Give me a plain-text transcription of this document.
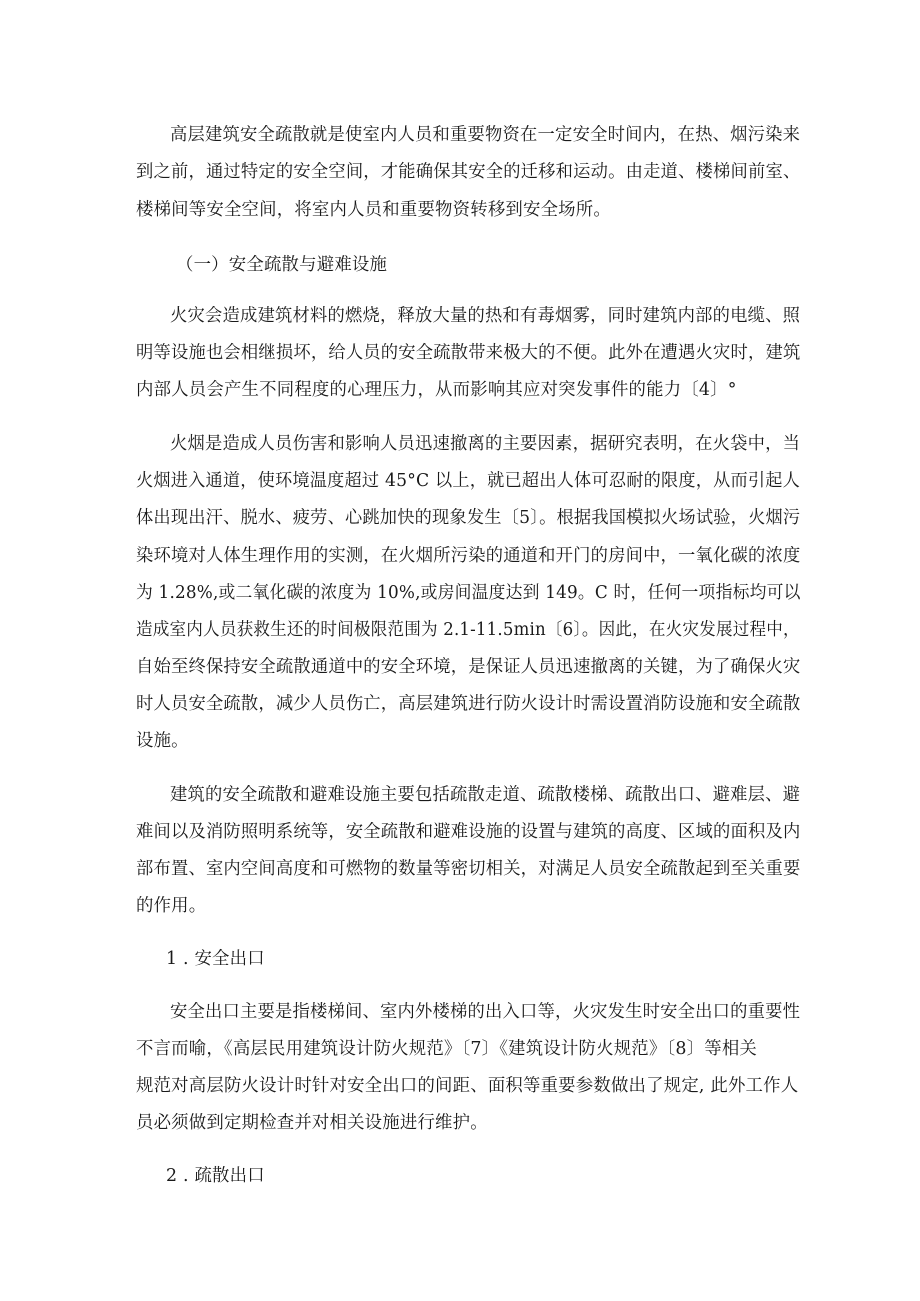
高层建筑安全疏散就是使室内人员和重要物资在一定安全时间内，在热、烟污染来
到之前，通过特定的安全空间，才能确保其安全的迁移和运动。由走道、楼梯间前室、
楼梯间等安全空间，将室内人员和重要物资转移到安全场所。
（一）安全疏散与避难设施
火灾会造成建筑材料的燃烧，释放大量的热和有毒烟雾，同时建筑内部的电缆、照
明等设施也会相继损坏，给人员的安全疏散带来极大的不便。此外在遭遇火灾时，建筑
内部人员会产生不同程度的心理压力，从而影响其应对突发事件的能力〔4〕°
火烟是造成人员伤害和影响人员迅速撤离的主要因素，据研究表明，在火袋中，当
火烟进入通道，使环境温度超过 45°C 以上，就已超出人体可忍耐的限度，从而引起人
体出现出汗、脱水、疲劳、心跳加快的现象发生〔5〕。根据我国模拟火场试验，火烟污
染环境对人体生理作用的实测，在火烟所污染的通道和开门的房间中，一氧化碳的浓度
为 1.28%,或二氧化碳的浓度为 10%,或房间温度达到 149。C 时，任何一项指标均可以
造成室内人员获救生还的时间极限范围为 2.1-11.5min〔6〕。因此，在火灾发展过程中，
自始至终保持安全疏散通道中的安全环境，是保证人员迅速撤离的关键，为了确保火灾
时人员安全疏散，减少人员伤亡，高层建筑进行防火设计时需设置消防设施和安全疏散
设施。
建筑的安全疏散和避难设施主要包括疏散走道、疏散楼梯、疏散出口、避难层、避
难间以及消防照明系统等，安全疏散和避难设施的设置与建筑的高度、区域的面积及内
部布置、室内空间高度和可燃物的数量等密切相关，对满足人员安全疏散起到至关重要
的作用。
1 . 安全出口
安全出口主要是指楼梯间、室内外楼梯的出入口等，火灾发生时安全出口的重要性
不言而喻，《高层民用建筑设计防火规范》〔7〕《建筑设计防火规范》〔8〕等相关
规范对高层防火设计时针对安全出口的间距、面积等重要参数做出了规定, 此外工作人
员必须做到定期检查并对相关设施进行维护。
2 . 疏散出口
